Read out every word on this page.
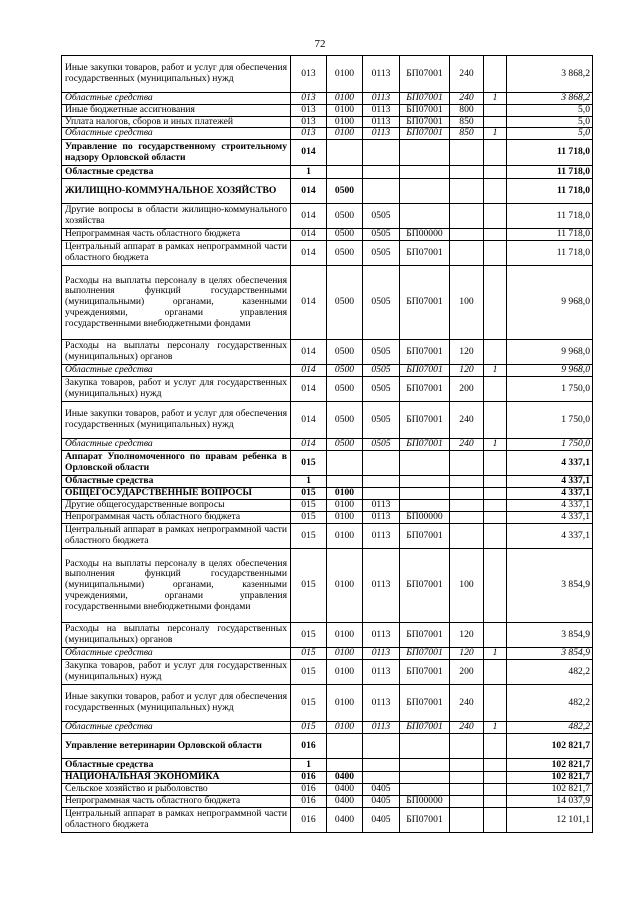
72
Иные закупки товаров, работ и услуг для обеспечения государственных (муниципальных) нужд	013	0100	0113	БП07001	240		3 868,2
Областные средства	013	0100	0113	БП07001	240	1	3 868,2
Иные бюджетные ассигнования	013	0100	0113	БП07001	800		5,0
Уплата налогов, сборов и иных платежей	013	0100	0113	БП07001	850		5,0
Областные средства	013	0100	0113	БП07001	850	1	5,0
Управление по государственному строительному надзору Орловской области	014						11 718,0
Областные средства	1						11 718,0
ЖИЛИЩНО-КОММУНАЛЬНОЕ ХОЗЯЙСТВО	014	0500					11 718,0
Другие вопросы в области жилищно-коммунального хозяйства	014	0500	0505				11 718,0
Непрограммная часть областного бюджета	014	0500	0505	БП00000			11 718,0
Центральный аппарат в рамках непрограммной части областного бюджета	014	0500	0505	БП07001			11 718,0
Расходы на выплаты персоналу в целях обеспечения выполнения функций государственными (муниципальными) органами, казенными учреждениями, органами управления государственными внебюджетными фондами	014	0500	0505	БП07001	100		9 968,0
Расходы на выплаты персоналу государственных (муниципальных) органов	014	0500	0505	БП07001	120		9 968,0
Областные средства	014	0500	0505	БП07001	120	1	9 968,0
Закупка товаров, работ и услуг для государственных (муниципальных) нужд	014	0500	0505	БП07001	200		1 750,0
Иные закупки товаров, работ и услуг для обеспечения государственных (муниципальных) нужд	014	0500	0505	БП07001	240		1 750,0
Областные средства	014	0500	0505	БП07001	240	1	1 750,0
Аппарат Уполномоченного по правам ребенка в Орловской области	015						4 337,1
Областные средства	1						4 337,1
ОБЩЕГОСУДАРСТВЕННЫЕ ВОПРОСЫ	015	0100					4 337,1
Другие общегосударственные вопросы	015	0100	0113				4 337,1
Непрограммная часть областного бюджета	015	0100	0113	БП00000			4 337,1
Центральный аппарат в рамках непрограммной части областного бюджета	015	0100	0113	БП07001			4 337,1
Расходы на выплаты персоналу в целях обеспечения выполнения функций государственными (муниципальными) органами, казенными учреждениями, органами управления государственными внебюджетными фондами	015	0100	0113	БП07001	100		3 854,9
Расходы на выплаты персоналу государственных (муниципальных) органов	015	0100	0113	БП07001	120		3 854,9
Областные средства	015	0100	0113	БП07001	120	1	3 854,9
Закупка товаров, работ и услуг для государственных (муниципальных) нужд	015	0100	0113	БП07001	200		482,2
Иные закупки товаров, работ и услуг для обеспечения государственных (муниципальных) нужд	015	0100	0113	БП07001	240		482,2
Областные средства	015	0100	0113	БП07001	240	1	482,2
Управление ветеринарии Орловской области	016						102 821,7
Областные средства	1						102 821,7
НАЦИОНАЛЬНАЯ ЭКОНОМИКА	016	0400					102 821,7
Сельское хозяйство и рыболовство	016	0400	0405				102 821,7
Непрограммная часть областного бюджета	016	0400	0405	БП00000			14 037,9
Центральный аппарат в рамках непрограммной части областного бюджета	016	0400	0405	БП07001			12 101,1
